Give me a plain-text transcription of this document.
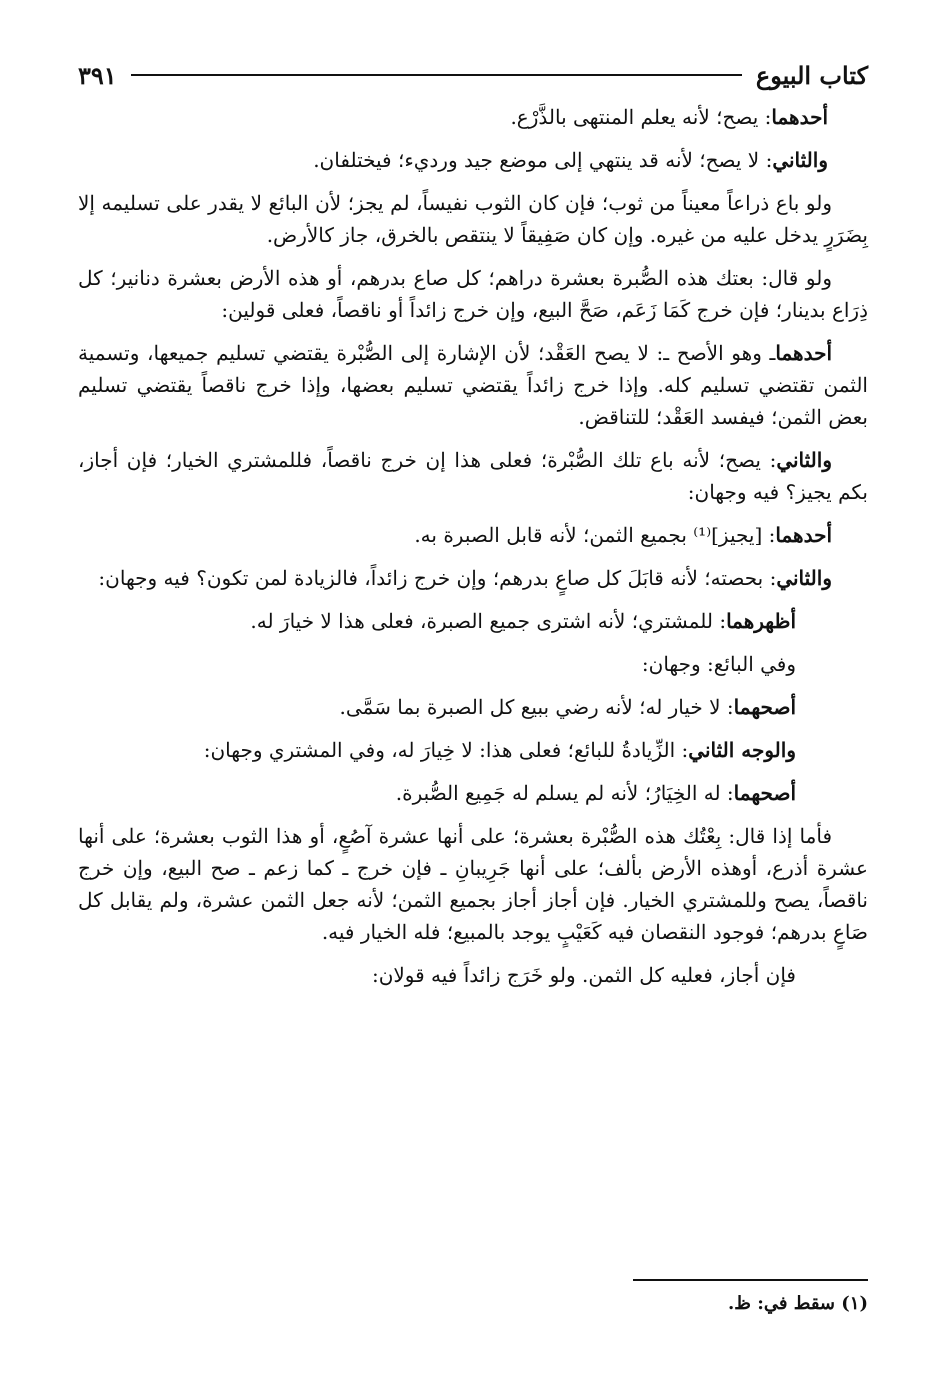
كتاب البيوع
٣٩١

أحدهما: يصح؛ لأنه يعلم المنتهى بالذَّرْع.

والثاني: لا يصح؛ لأنه قد ينتهي إلى موضع جيد ورديء؛ فيختلفان.

ولو باع ذراعاً معيناً من ثوب؛ فإن كان الثوب نفيساً، لم يجز؛ لأن البائع لا يقدر على تسليمه إلا بِضَرَرٍ يدخل عليه من غيره. وإن كان صَفِيقاً لا ينتقص بالخرق، جاز كالأرض.

ولو قال: بعتك هذه الصُّبرة بعشرة دراهم؛ كل صاع بدرهم، أو هذه الأرض بعشرة دنانير؛ كل ذِرَاع بدينار؛ فإن خرج كَمَا زَعَم، صَحَّ البيع، وإن خرج زائداً أو ناقصاً، فعلى قولين:

أحدهماـ وهو الأصح ـ: لا يصح العَقْد؛ لأن الإشارة إلى الصُّبْرة يقتضي تسليم جميعها، وتسمية الثمن تقتضي تسليم كله. وإذا خرج زائداً يقتضي تسليم بعضها، وإذا خرج ناقصاً يقتضي تسليم بعض الثمن؛ فيفسد العَقْد؛ للتناقض.

والثاني: يصح؛ لأنه باع تلك الصُّبْرة؛ فعلى هذا إن خرج ناقصاً، فللمشتري الخيار؛ فإن أجاز، بكم يجيز؟ فيه وجهان:

أحدهما: [يجيز]⁽¹⁾ بجميع الثمن؛ لأنه قابل الصبرة به.

والثاني: بحصته؛ لأنه قابَلَ كل صاعٍ بدرهم؛ وإن خرج زائداً، فالزيادة لمن تكون؟ فيه وجهان:

أظهرهما: للمشتري؛ لأنه اشترى جميع الصبرة، فعلى هذا لا خيارَ له.

وفي البائع: وجهان:

أصحهما: لا خيار له؛ لأنه رضي ببيع كل الصبرة بما سَمَّى.

والوجه الثاني: الزِّيادةُ للبائع؛ فعلى هذا: لا خِيارَ له، وفي المشتري وجهان:

أصحهما: له الخِيَارُ؛ لأنه لم يسلم له جَمِيع الصُّبرة.

فأما إذا قال: بِعْتُك هذه الصُّبْرة بعشرة؛ على أنها عشرة آصُعٍ، أو هذا الثوب بعشرة؛ على أنها عشرة أذرع، أوهذه الأرض بألف؛ على أنها جَرِيبانِ ـ فإن خرج ـ كما زعم ـ صح البيع، وإن خرج ناقصاً، يصح وللمشتري الخيار. فإن أجاز أجاز بجميع الثمن؛ لأنه جعل الثمن عشرة، ولم يقابل كل صَاعٍ بدرهم؛ فوجود النقصان فيه كَعَيْبٍ يوجد بالمبيع؛ فله الخيار فيه.

فإن أجاز، فعليه كل الثمن. ولو خَرَج زائداً فيه قولان:

(١) سقط في: ظ.
